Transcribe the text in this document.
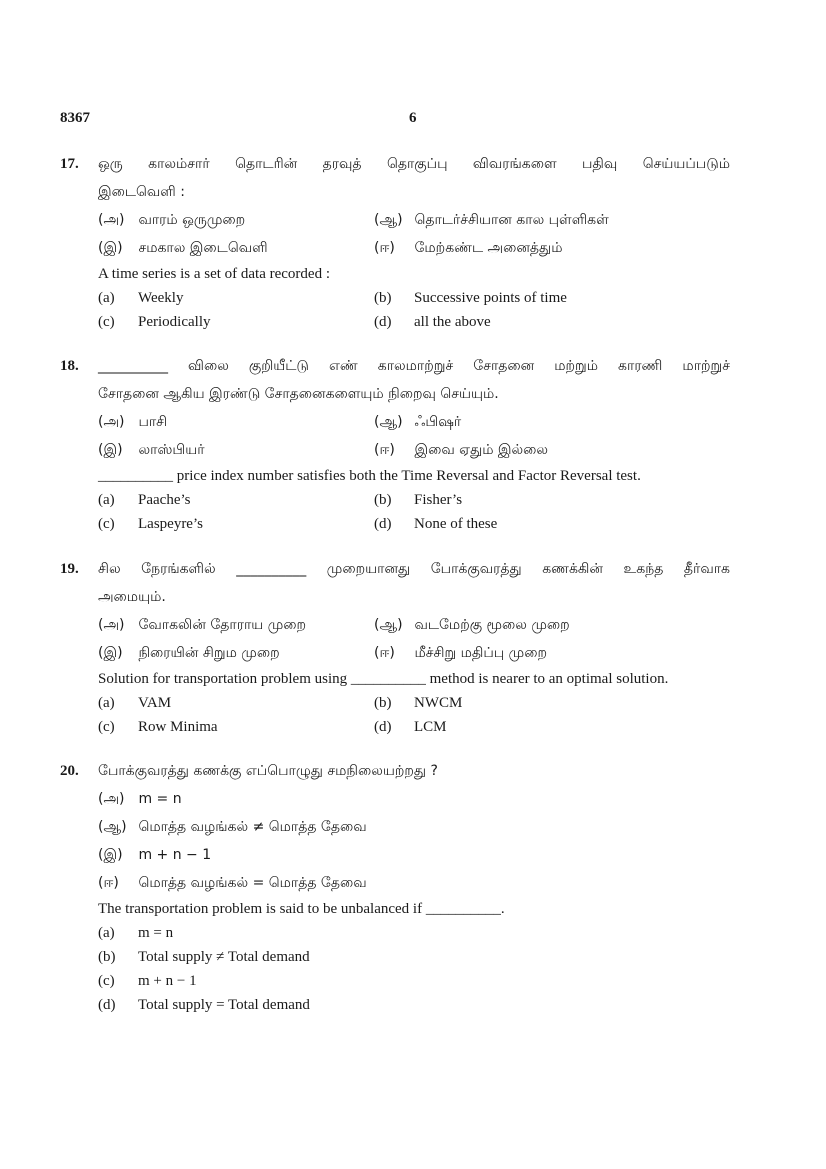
8367	6
17. ஒரு காலம்சார் தொடரின் தரவுத் தொகுப்பு விவரங்களை பதிவு செய்யப்படும்
இடைவெளி :
(அ) வாரம் ஒருமுறை	(ஆ) தொடர்ச்சியான கால புள்ளிகள்
(இ) சமகால இடைவெளி	(ஈ) மேற்கண்ட அனைத்தும்
A time series is a set of data recorded :
(a) Weekly	(b) Successive points of time
(c) Periodically	(d) all the above
18. __________ விலை குறியீட்டு எண் காலமாற்றுச் சோதனை மற்றும் காரணி மாற்றுச்
சோதனை ஆகிய இரண்டு சோதனைகளையும் நிறைவு செய்யும்.
(அ) பாசி	(ஆ) ஃபிஷர்
(இ) லாஸ்பியர்	(ஈ) இவை ஏதும் இல்லை
__________ price index number satisfies both the Time Reversal and Factor Reversal test.
(a) Paache’s	(b) Fisher’s
(c) Laspeyre’s	(d) None of these
19. சில நேரங்களில் __________ முறையானது போக்குவரத்து கணக்கின் உகந்த தீர்வாக
அமையும்.
(அ) வோகலின் தோராய முறை	(ஆ) வடமேற்கு மூலை முறை
(இ) நிரையின் சிறும முறை	(ஈ) மீச்சிறு மதிப்பு முறை
Solution for transportation problem using __________ method is nearer to an optimal solution.
(a) VAM	(b) NWCM
(c) Row Minima	(d) LCM
20. போக்குவரத்து கணக்கு எப்பொழுது சமநிலையற்றது ?
(அ) m = n
(ஆ) மொத்த வழங்கல் ≠ மொத்த தேவை
(இ) m + n − 1
(ஈ) மொத்த வழங்கல் = மொத்த தேவை
The transportation problem is said to be unbalanced if __________.
(a) m = n
(b) Total supply ≠ Total demand
(c) m + n − 1
(d) Total supply = Total demand
